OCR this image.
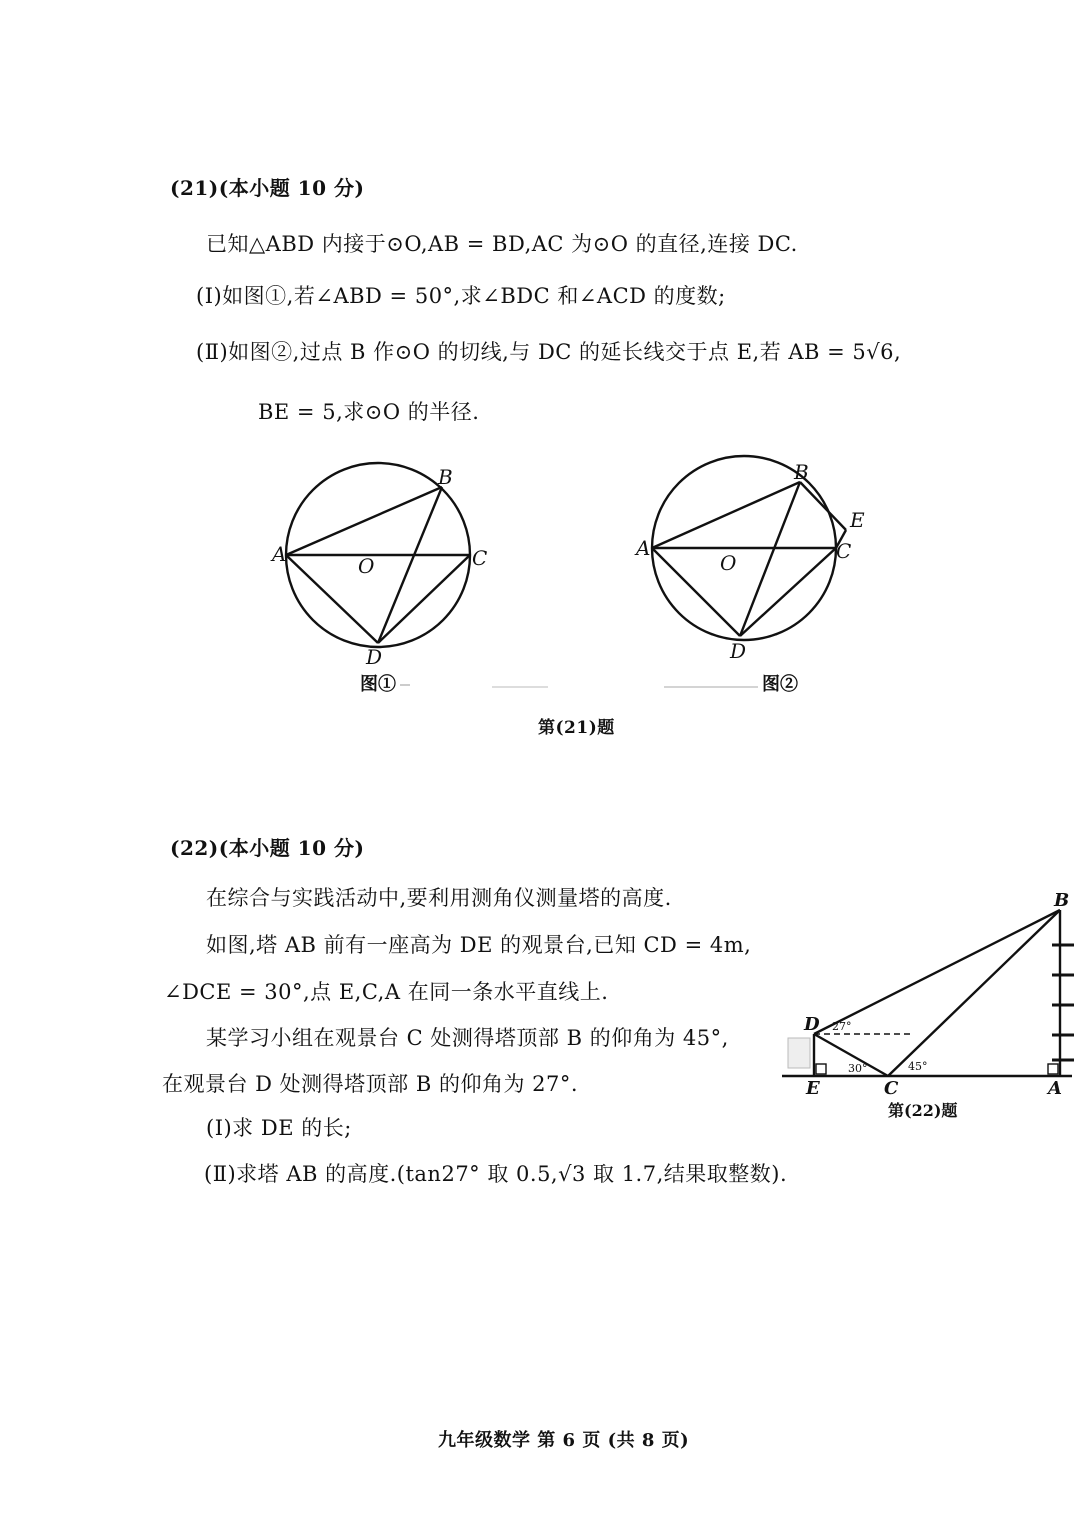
(21)(本小题 10 分)
已知△ABD 内接于⊙O,AB = BD,AC 为⊙O 的直径,连接 DC.
(Ⅰ)如图①,若∠ABD = 50°,求∠BDC 和∠ACD 的度数;
(Ⅱ)如图②,过点 B 作⊙O 的切线,与 DC 的延长线交于点 E,若 AB = 5√6,
BE = 5,求⊙O 的半径.
A
B
C
D
O
图①
A
B
C
D
O
E
图②
第(21)题
(22)(本小题 10 分)
在综合与实践活动中,要利用测角仪测量塔的高度.
如图,塔 AB 前有一座高为 DE 的观景台,已知 CD = 4m,
∠DCE = 30°,点 E,C,A 在同一条水平直线上.
某学习小组在观景台 C 处测得塔顶部 B 的仰角为 45°,
在观景台 D 处测得塔顶部 B 的仰角为 27°.
(Ⅰ)求 DE 的长;
(Ⅱ)求塔 AB 的高度.(tan27° 取 0.5,√3 取 1.7,结果取整数).
D
B
E	C	A
27°
30°	45°
第(22)题
九年级数学 第 6 页 (共 8 页)
